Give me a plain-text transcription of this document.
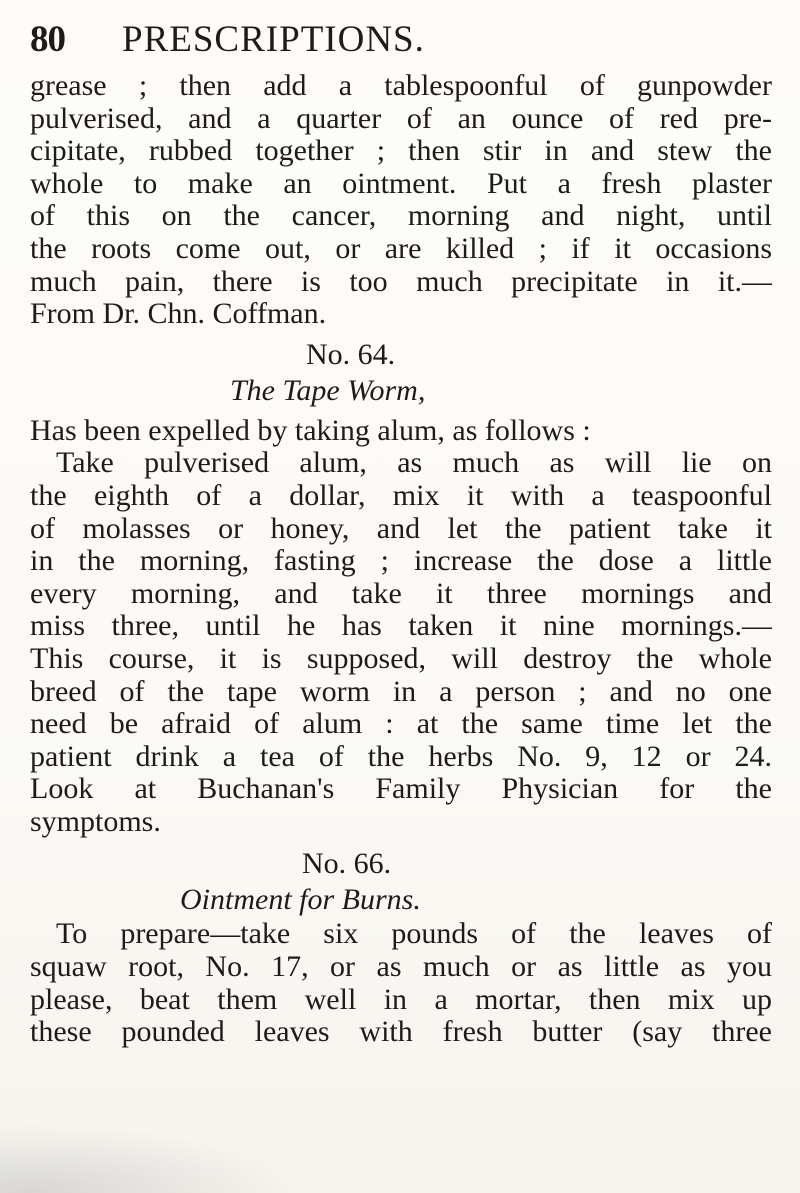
80 PRESCRIPTIONS.
grease ; then add a tablespoonful of gunpowder
pulverised, and a quarter of an ounce of red pre-
cipitate, rubbed together ; then stir in and stew the
whole to make an ointment. Put a fresh plaster
of this on the cancer, morning and night, until
the roots come out, or are killed ; if it occasions
much pain, there is too much precipitate in it.—
From Dr. Chn. Coffman.
No. 64.
The Tape Worm,
Has been expelled by taking alum, as follows :
Take pulverised alum, as much as will lie on
the eighth of a dollar, mix it with a teaspoonful
of molasses or honey, and let the patient take it
in the morning, fasting ; increase the dose a little
every morning, and take it three mornings and
miss three, until he has taken it nine mornings.—
This course, it is supposed, will destroy the whole
breed of the tape worm in a person ; and no one
need be afraid of alum : at the same time let the
patient drink a tea of the herbs No. 9, 12 or 24.
Look at Buchanan's Family Physician for the
symptoms.
No. 66.
Ointment for Burns.
To prepare—take six pounds of the leaves of
squaw root, No. 17, or as much or as little as you
please, beat them well in a mortar, then mix up
these pounded leaves with fresh butter (say three
